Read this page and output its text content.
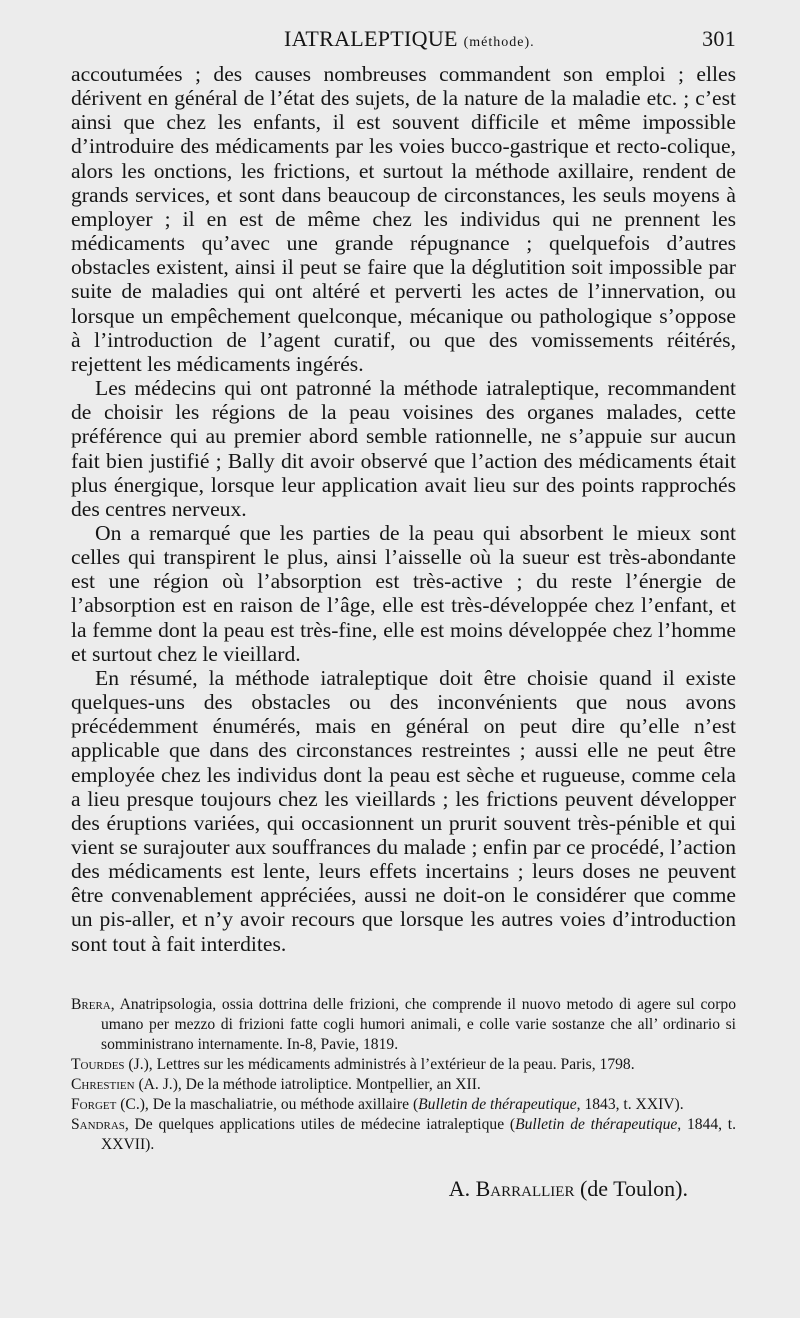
IATRALEPTIQUE (méthode).	301

accoutumées ; des causes nombreuses commandent son emploi ; elles dérivent en général de l’état des sujets, de la nature de la maladie etc. ; c’est ainsi que chez les enfants, il est souvent difficile et même impossible d’introduire des médicaments par les voies bucco-gastrique et recto-colique, alors les onctions, les frictions, et surtout la méthode axillaire, rendent de grands services, et sont dans beaucoup de circonstances, les seuls moyens à employer ; il en est de même chez les individus qui ne prennent les médicaments qu’avec une grande répugnance ; quelquefois d’autres obstacles existent, ainsi il peut se faire que la déglutition soit impossible par suite de maladies qui ont altéré et perverti les actes de l’innervation, ou lorsque un empêchement quelconque, mécanique ou pathologique s’oppose à l’introduction de l’agent curatif, ou que des vomissements réitérés, rejettent les médicaments ingérés.

Les médecins qui ont patronné la méthode iatraleptique, recommandent de choisir les régions de la peau voisines des organes malades, cette préférence qui au premier abord semble rationnelle, ne s’appuie sur aucun fait bien justifié ; Bally dit avoir observé que l’action des médicaments était plus énergique, lorsque leur application avait lieu sur des points rapprochés des centres nerveux.

On a remarqué que les parties de la peau qui absorbent le mieux sont celles qui transpirent le plus, ainsi l’aisselle où la sueur est très-abondante est une région où l’absorption est très-active ; du reste l’énergie de l’absorption est en raison de l’âge, elle est très-développée chez l’enfant, et la femme dont la peau est très-fine, elle est moins développée chez l’homme et surtout chez le vieillard.

En résumé, la méthode iatraleptique doit être choisie quand il existe quelques-uns des obstacles ou des inconvénients que nous avons précédemment énumérés, mais en général on peut dire qu’elle n’est applicable que dans des circonstances restreintes ; aussi elle ne peut être employée chez les individus dont la peau est sèche et rugueuse, comme cela a lieu presque toujours chez les vieillards ; les frictions peuvent développer des éruptions variées, qui occasionnent un prurit souvent très-pénible et qui vient se surajouter aux souffrances du malade ; enfin par ce procédé, l’action des médicaments est lente, leurs effets incertains ; leurs doses ne peuvent être convenablement appréciées, aussi ne doit-on le considérer que comme un pis-aller, et n’y avoir recours que lorsque les autres voies d’introduction sont tout à fait interdites.

Brera, Anatripsologia, ossia dottrina delle frizioni, che comprende il nuovo metodo di agere sul corpo umano per mezzo di frizioni fatte cogli humori animali, e colle varie sostanze che all’ ordinario si somministrano internamente. In-8, Pavie, 1819.

Tourdes (J.), Lettres sur les médicaments administrés à l’extérieur de la peau. Paris, 1798.

Chrestien (A. J.), De la méthode iatroliptice. Montpellier, an XII.

Forget (C.), De la maschaliatrie, ou méthode axillaire (Bulletin de thérapeutique, 1843, t. XXIV).

Sandras, De quelques applications utiles de médecine iatraleptique (Bulletin de thérapeutique, 1844, t. XXVII).

A. Barrallier (de Toulon).
